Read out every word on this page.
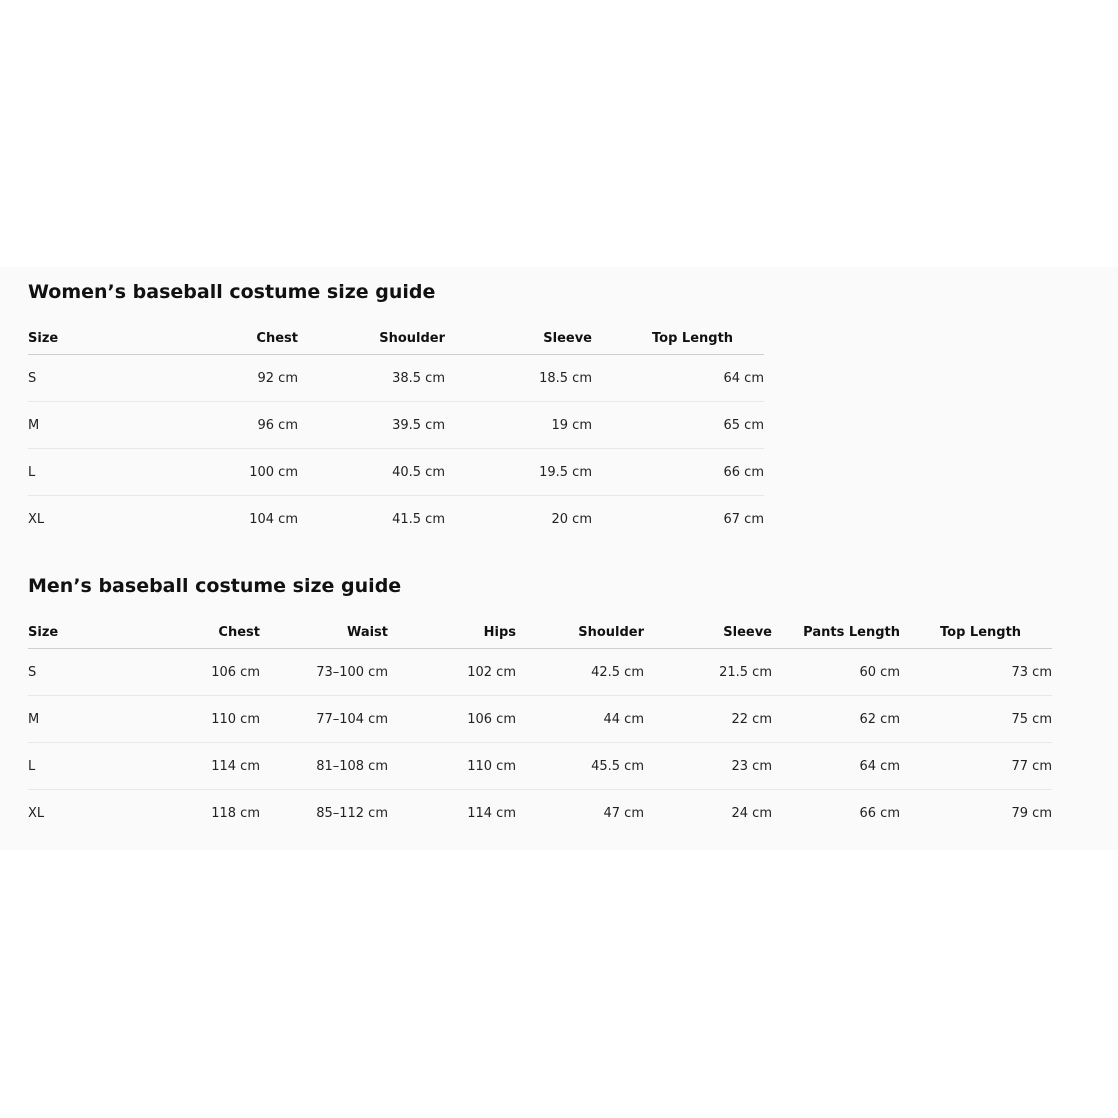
Women’s baseball costume size guide
Size	Chest	Shoulder	Sleeve	Top Length
S	92 cm	38.5 cm	18.5 cm	64 cm
M	96 cm	39.5 cm	19 cm	65 cm
L	100 cm	40.5 cm	19.5 cm	66 cm
XL	104 cm	41.5 cm	20 cm	67 cm
Men’s baseball costume size guide
Size	Chest	Waist	Hips	Shoulder	Sleeve	Pants Length	Top Length
S	106 cm	73–100 cm	102 cm	42.5 cm	21.5 cm	60 cm	73 cm
M	110 cm	77–104 cm	106 cm	44 cm	22 cm	62 cm	75 cm
L	114 cm	81–108 cm	110 cm	45.5 cm	23 cm	64 cm	77 cm
XL	118 cm	85–112 cm	114 cm	47 cm	24 cm	66 cm	79 cm
